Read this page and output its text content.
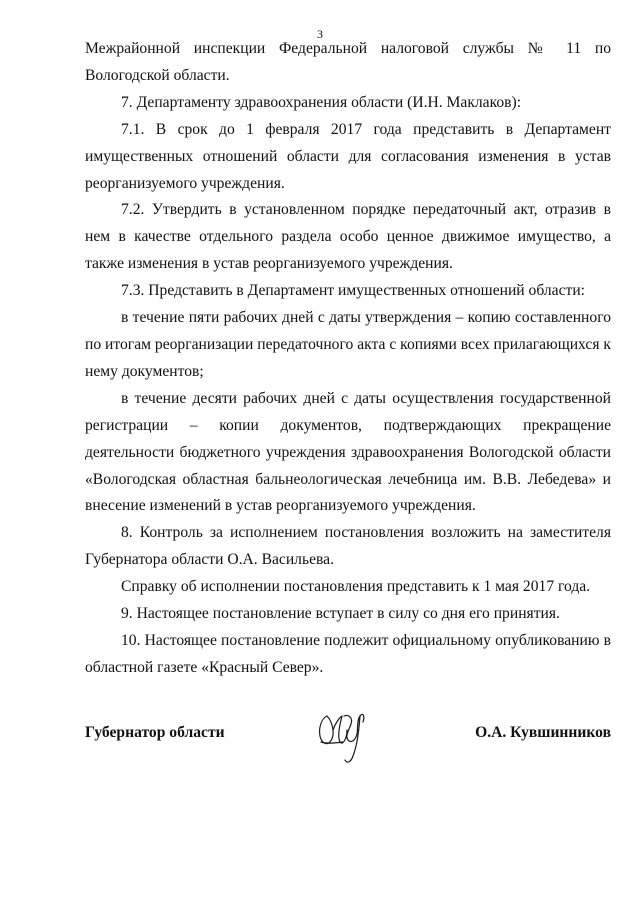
3

Межрайонной инспекции Федеральной налоговой службы № 11 по Вологодской области.

7. Департаменту здравоохранения области (И.Н. Маклаков):

7.1. В срок до 1 февраля 2017 года представить в Департамент имущественных отношений области для согласования изменения в устав реорганизуемого учреждения.

7.2. Утвердить в установленном порядке передаточный акт, отразив в нем в качестве отдельного раздела особо ценное движимое имущество, а также изменения в устав реорганизуемого учреждения.

7.3. Представить в Департамент имущественных отношений области:

в течение пяти рабочих дней с даты утверждения – копию составленного по итогам реорганизации передаточного акта с копиями всех прилагающихся к нему документов;

в течение десяти рабочих дней с даты осуществления государственной регистрации – копии документов, подтверждающих прекращение деятельности бюджетного учреждения здравоохранения Вологодской области «Вологодская областная бальнеологическая лечебница им. В.В. Лебедева» и внесение изменений в устав реорганизуемого учреждения.

8. Контроль за исполнением постановления возложить на заместителя Губернатора области О.А. Васильева.

Справку об исполнении постановления представить к 1 мая 2017 года.

9. Настоящее постановление вступает в силу со дня его принятия.

10. Настоящее постановление подлежит официальному опубликованию в областной газете «Красный Север».

Губернатор области	О.А. Кувшинников
